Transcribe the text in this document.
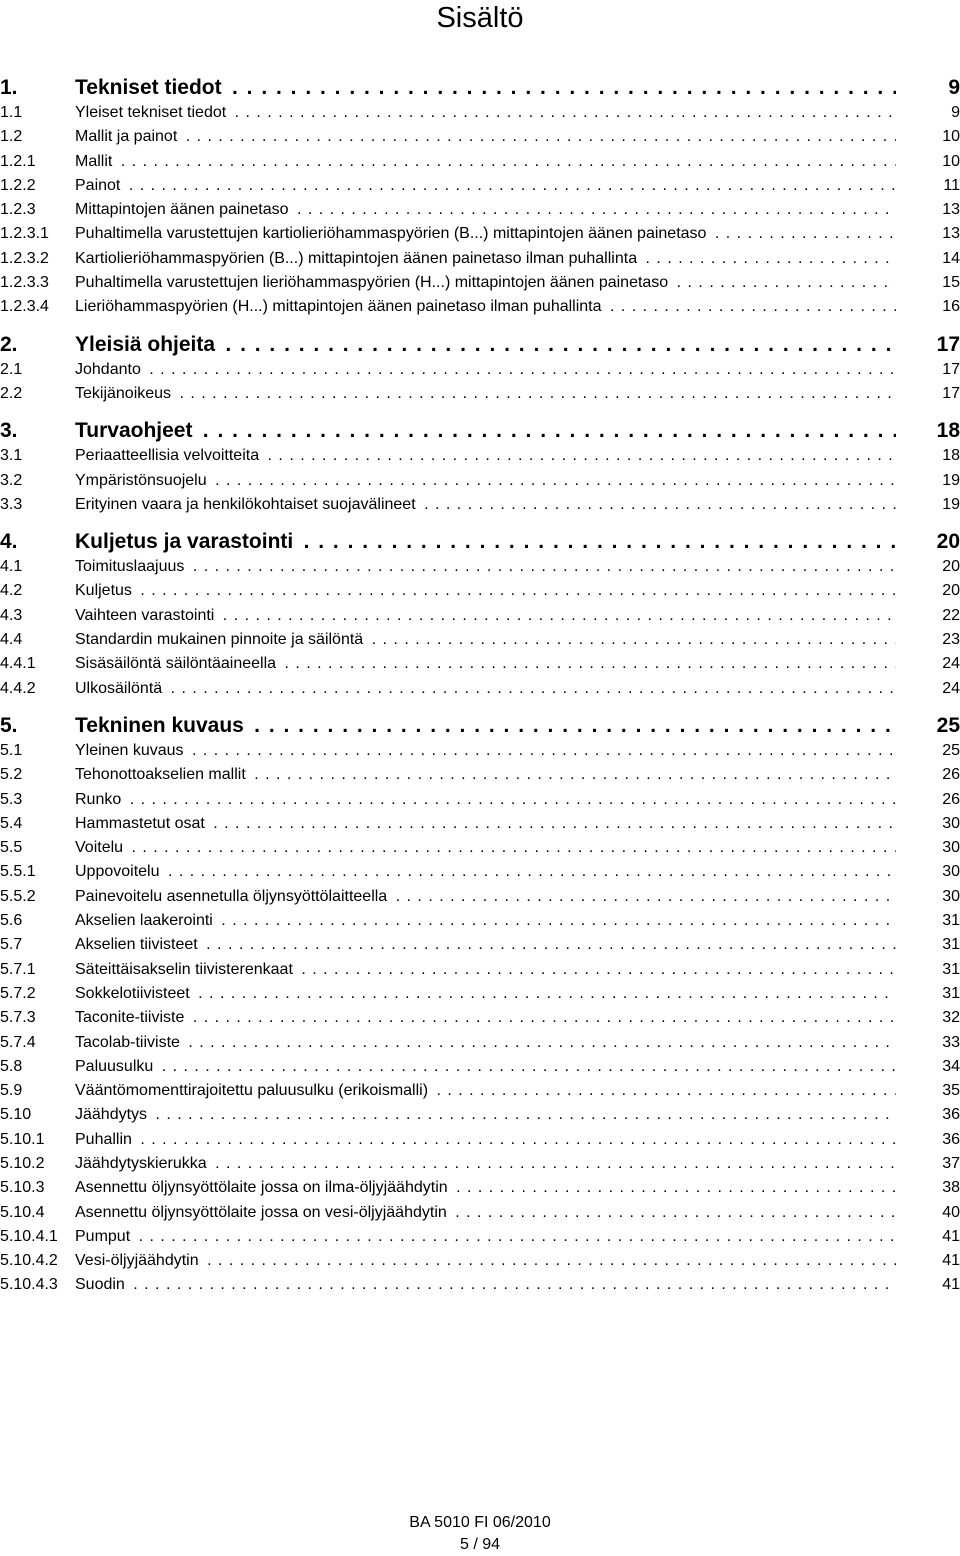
Sisältö
1.	Tekniset tiedot . . .	9
1.1	Yleiset tekniset tiedot . . .	9
1.2	Mallit ja painot . . .	10
1.2.1 Mallit . . .	10
1.2.2 Painot . . .	11
1.2.3 Mittapintojen äänen painetaso . . .	13
1.2.3.1 Puhaltimella varustettujen kartiolieriöhammaspyörien (B...) mittapintojen äänen painetaso . . .	13
1.2.3.2 Kartiolieriöhammaspyörien (B...) mittapintojen äänen painetaso ilman puhallinta . . .	14
1.2.3.3 Puhaltimella varustettujen lieriöhammaspyörien (H...) mittapintojen äänen painetaso . . .	15
1.2.3.4 Lieriöhammaspyörien (H...) mittapintojen äänen painetaso ilman puhallinta . . .	16
2.	Yleisiä ohjeita . . .	17
2.1	Johdanto . . .	17
2.2	Tekijänoikeus . . .	17
3.	Turvaohjeet . . .	18
3.1	Periaatteellisia velvoitteita . . .	18
3.2	Ympäristönsuojelu . . .	19
3.3	Erityinen vaara ja henkilökohtaiset suojavälineet . . .	19
4.	Kuljetus ja varastointi . . .	20
4.1	Toimituslaajuus . . .	20
4.2	Kuljetus . . .	20
4.3	Vaihteen varastointi . . .	22
4.4	Standardin mukainen pinnoite ja säilöntä . . .	23
4.4.1 Sisäsäilöntä säilöntäaineella . . .	24
4.4.2 Ulkosäilöntä . . .	24
5.	Tekninen kuvaus . . .	25
5.1	Yleinen kuvaus . . .	25
5.2	Tehonottoakselien mallit . . .	26
5.3	Runko . . .	26
5.4	Hammastetut osat . . .	30
5.5	Voitelu . . .	30
5.5.1 Uppovoitelu . . .	30
5.5.2 Painevoitelu asennetulla öljynsyöttölaitteella . . .	30
5.6	Akselien laakerointi . . .	31
5.7	Akselien tiivisteet . . .	31
5.7.1 Säteittäisakselin tiivisterenkaat . . .	31
5.7.2 Sokkelotiivisteet . . .	31
5.7.3 Taconite-tiiviste . . .	32
5.7.4 Tacolab-tiiviste . . .	33
5.8	Paluusulku . . .	34
5.9	Vääntömomenttirajoitettu paluusulku (erikoismalli) . . .	35
5.10	Jäähdytys . . .	36
5.10.1 Puhallin . . .	36
5.10.2 Jäähdytyskierukka . . .	37
5.10.3 Asennettu öljynsyöttölaite jossa on ilma-öljyjäähdytin . . .	38
5.10.4 Asennettu öljynsyöttölaite jossa on vesi-öljyjäähdytin . . .	40
5.10.4.1 Pumput . . .	41
5.10.4.2 Vesi-öljyjäähdytin . . .	41
5.10.4.3 Suodin . . .	41
BA 5010 FI 06/2010
5 / 94
